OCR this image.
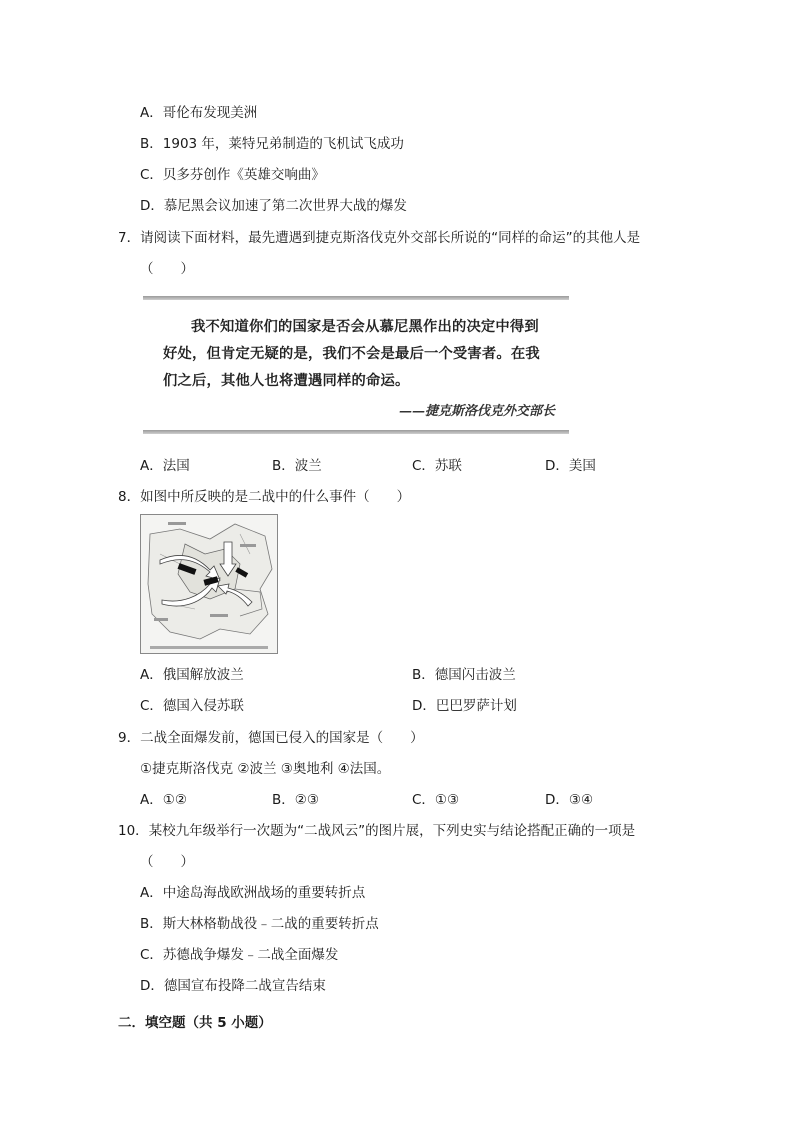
A．哥伦布发现美洲
B．1903 年，莱特兄弟制造的飞机试飞成功
C．贝多芬创作《英雄交响曲》
D．慕尼黑会议加速了第二次世界大战的爆发
7．请阅读下面材料，最先遭遇到捷克斯洛伐克外交部长所说的“同样的命运”的其他人是
（　　）
我不知道你们的国家是否会从慕尼黑作出的决定中得到
好处，但肯定无疑的是，我们不会是最后一个受害者。在我
们之后，其他人也将遭遇同样的命运。
——捷克斯洛伐克外交部长
A．法国	B．波兰	C．苏联	D．美国
8．如图中所反映的是二战中的什么事件（　　）
A．俄国解放波兰	B．德国闪击波兰
C．德国入侵苏联	D．巴巴罗萨计划
9．二战全面爆发前，德国已侵入的国家是（　　）
①捷克斯洛伐克 ②波兰 ③奥地利 ④法国。
A．①②	B．②③	C．①③	D．③④
10．某校九年级举行一次题为“二战风云”的图片展，下列史实与结论搭配正确的一项是
（　　）
A．中途岛海战欧洲战场的重要转折点
B．斯大林格勒战役﹣二战的重要转折点
C．苏德战争爆发﹣二战全面爆发
D．德国宣布投降二战宣告结束
二．填空题（共 5 小题）
